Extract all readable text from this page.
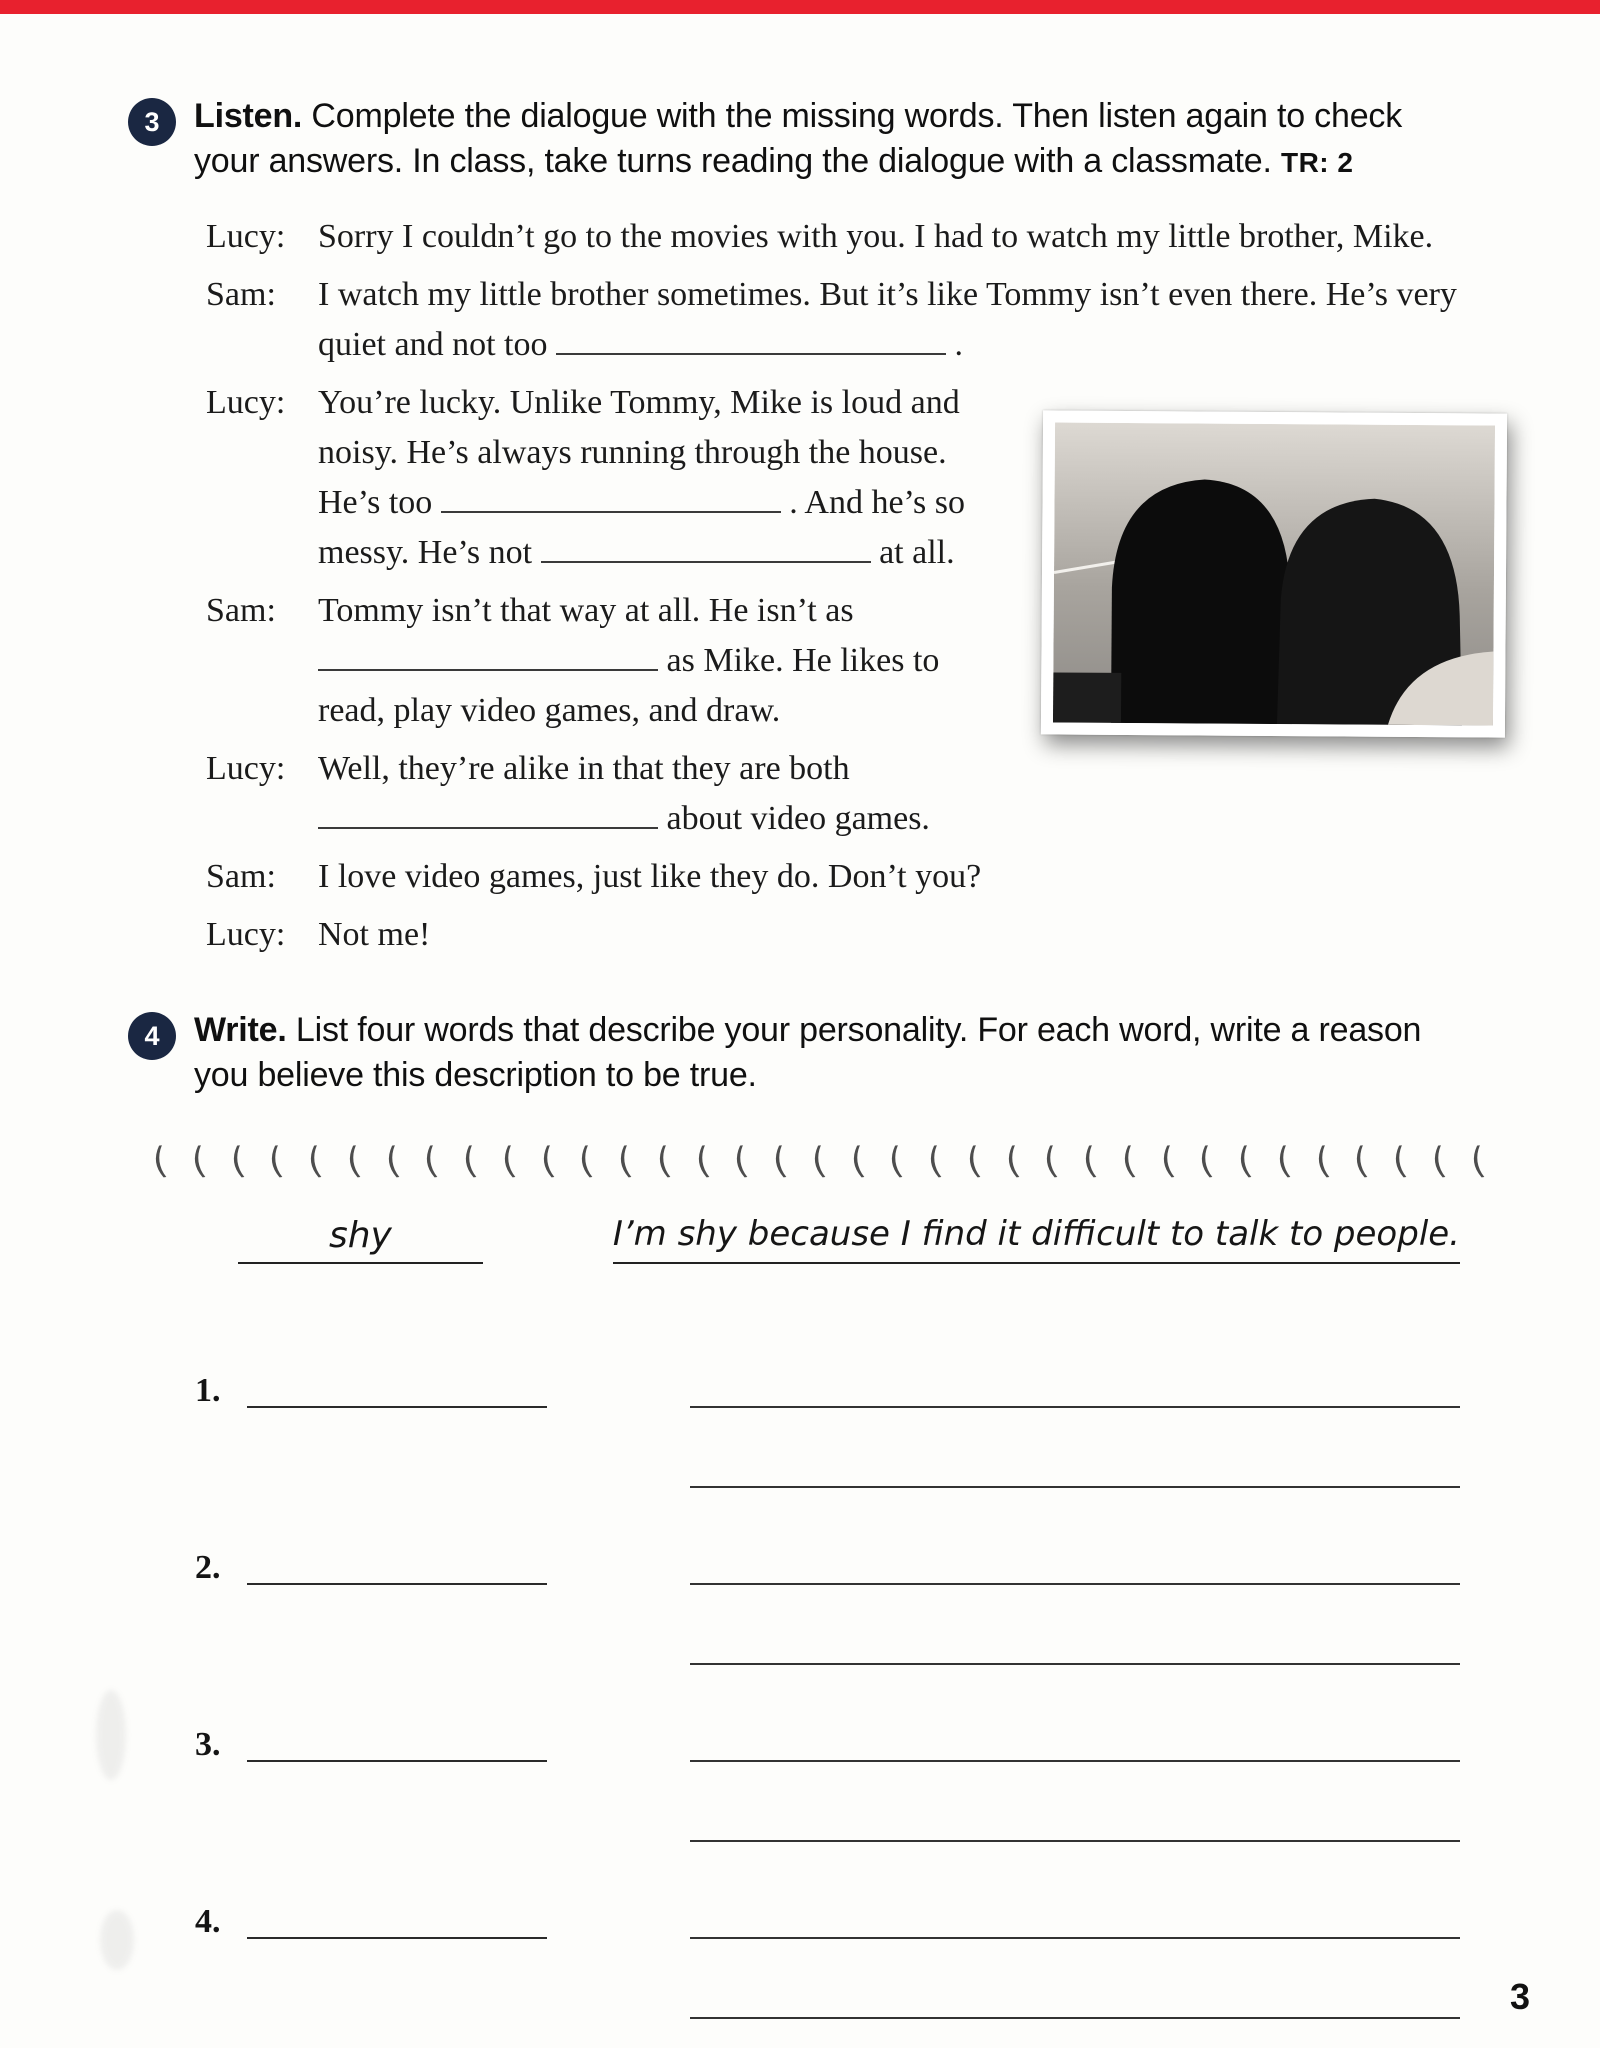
3	Listen. Complete the dialogue with the missing words. Then listen again to check your answers. In class, take turns reading the dialogue with a classmate. TR: 2

Lucy: Sorry I couldn’t go to the movies with you. I had to watch my little brother, Mike.
Sam:	I watch my little brother sometimes. But it’s like Tommy isn’t even there. He’s very
quiet and not too	.
Lucy: You’re lucky. Unlike Tommy, Mike is loud and
noisy. He’s always running through the house.
He’s too	. And he’s so
messy. He’s not	at all.
Sam:	Tommy isn’t that way at all. He isn’t as
as Mike. He likes to
read, play video games, and draw.
Lucy: Well, they’re alike in that they are both
about video games.
Sam:	I love video games, just like they do. Don’t you?
Lucy: Not me!
4	Write. List four words that describe your personality. For each word, write a reason you believe this description to be true.

( ( ( ( ( ( ( ( ( ( ( ( ( ( ( ( ( ( ( ( ( ( ( ( ( ( ( ( ( ( ( ( ( ( (
shy	I’m shy because I find it difficult to talk to people.
1.
2.
3.
4.
3
